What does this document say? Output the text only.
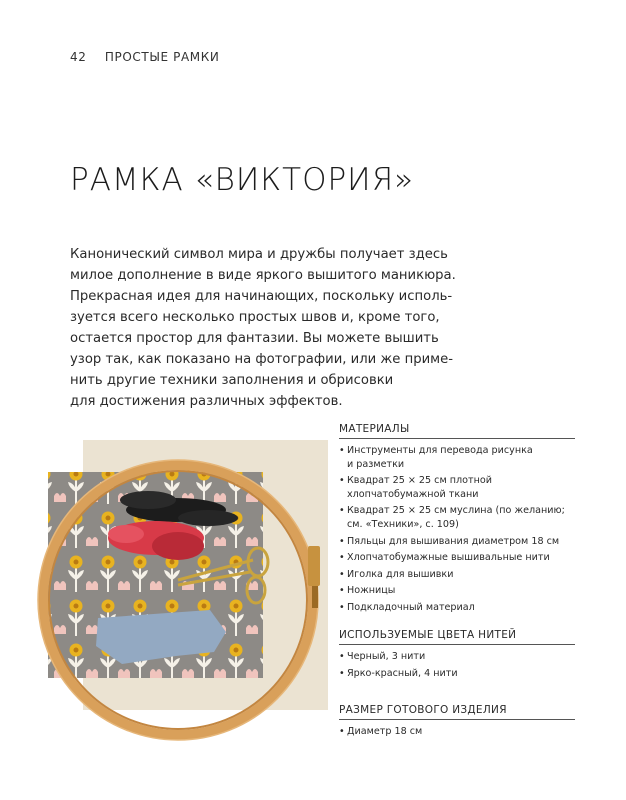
42 ПРОСТЫЕ РАМКИ
РАМКА «ВИКТОРИЯ»
Канонический символ мира и дружбы получает здесь
милое дополнение в виде яркого вышитого маникюра.
Прекрасная идея для начинающих, поскольку исполь-
зуется всего несколько простых швов и, кроме того,
остается простор для фантазии. Вы можете вышить
узор так, как показано на фотографии, или же приме-
нить другие техники заполнения и обрисовки
для достижения различных эффектов.
МАТЕРИАЛЫ
• Инструменты для перевода рисунка
и разметки
• Квадрат 25 × 25 см плотной
хлопчатобумажной ткани
• Квадрат 25 × 25 см муслина (по желанию;
см. «Техники», с. 109)
• Пяльцы для вышивания диаметром 18 см
• Хлопчатобумажные вышивальные нити
• Иголка для вышивки
• Ножницы
• Подкладочный материал
ИСПОЛЬЗУЕМЫЕ ЦВЕТА НИТЕЙ
• Черный, 3 нити
• Ярко-красный, 4 нити
РАЗМЕР ГОТОВОГО ИЗДЕЛИЯ
• Диаметр 18 см
